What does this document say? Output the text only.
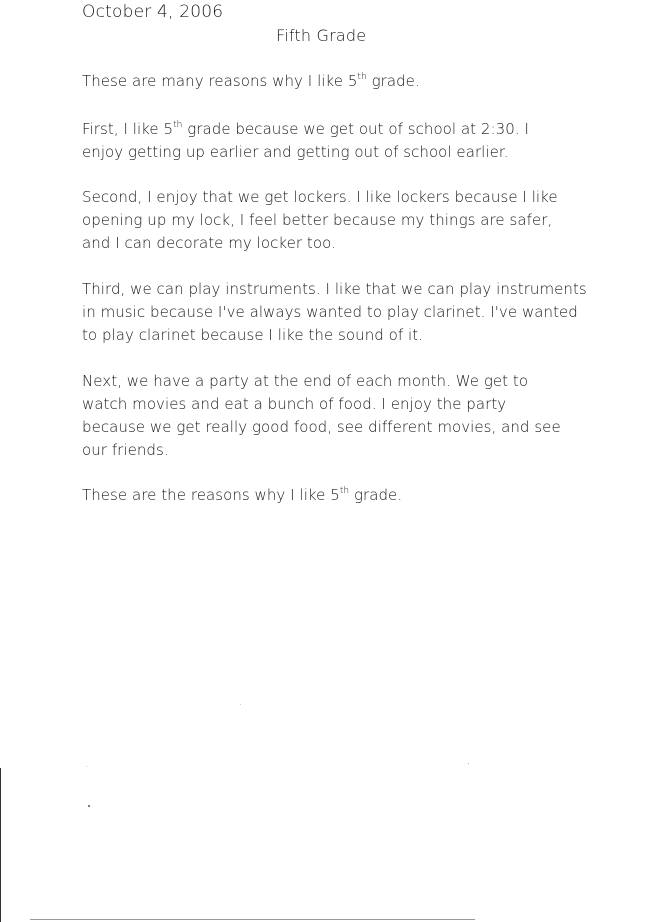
October 4, 2006
Fifth Grade

These are many reasons why I like 5th grade.

First, I like 5th grade because we get out of school at 2:30. I
enjoy getting up earlier and getting out of school earlier.

Second, I enjoy that we get lockers. I like lockers because I like
opening up my lock, I feel better because my things are safer,
and I can decorate my locker too.

Third, we can play instruments. I like that we can play instruments
in music because I've always wanted to play clarinet. I've wanted
to play clarinet because I like the sound of it.

Next, we have a party at the end of each month. We get to
watch movies and eat a bunch of food. I enjoy the party
because we get really good food, see different movies, and see
our friends.

These are the reasons why I like 5th grade.
